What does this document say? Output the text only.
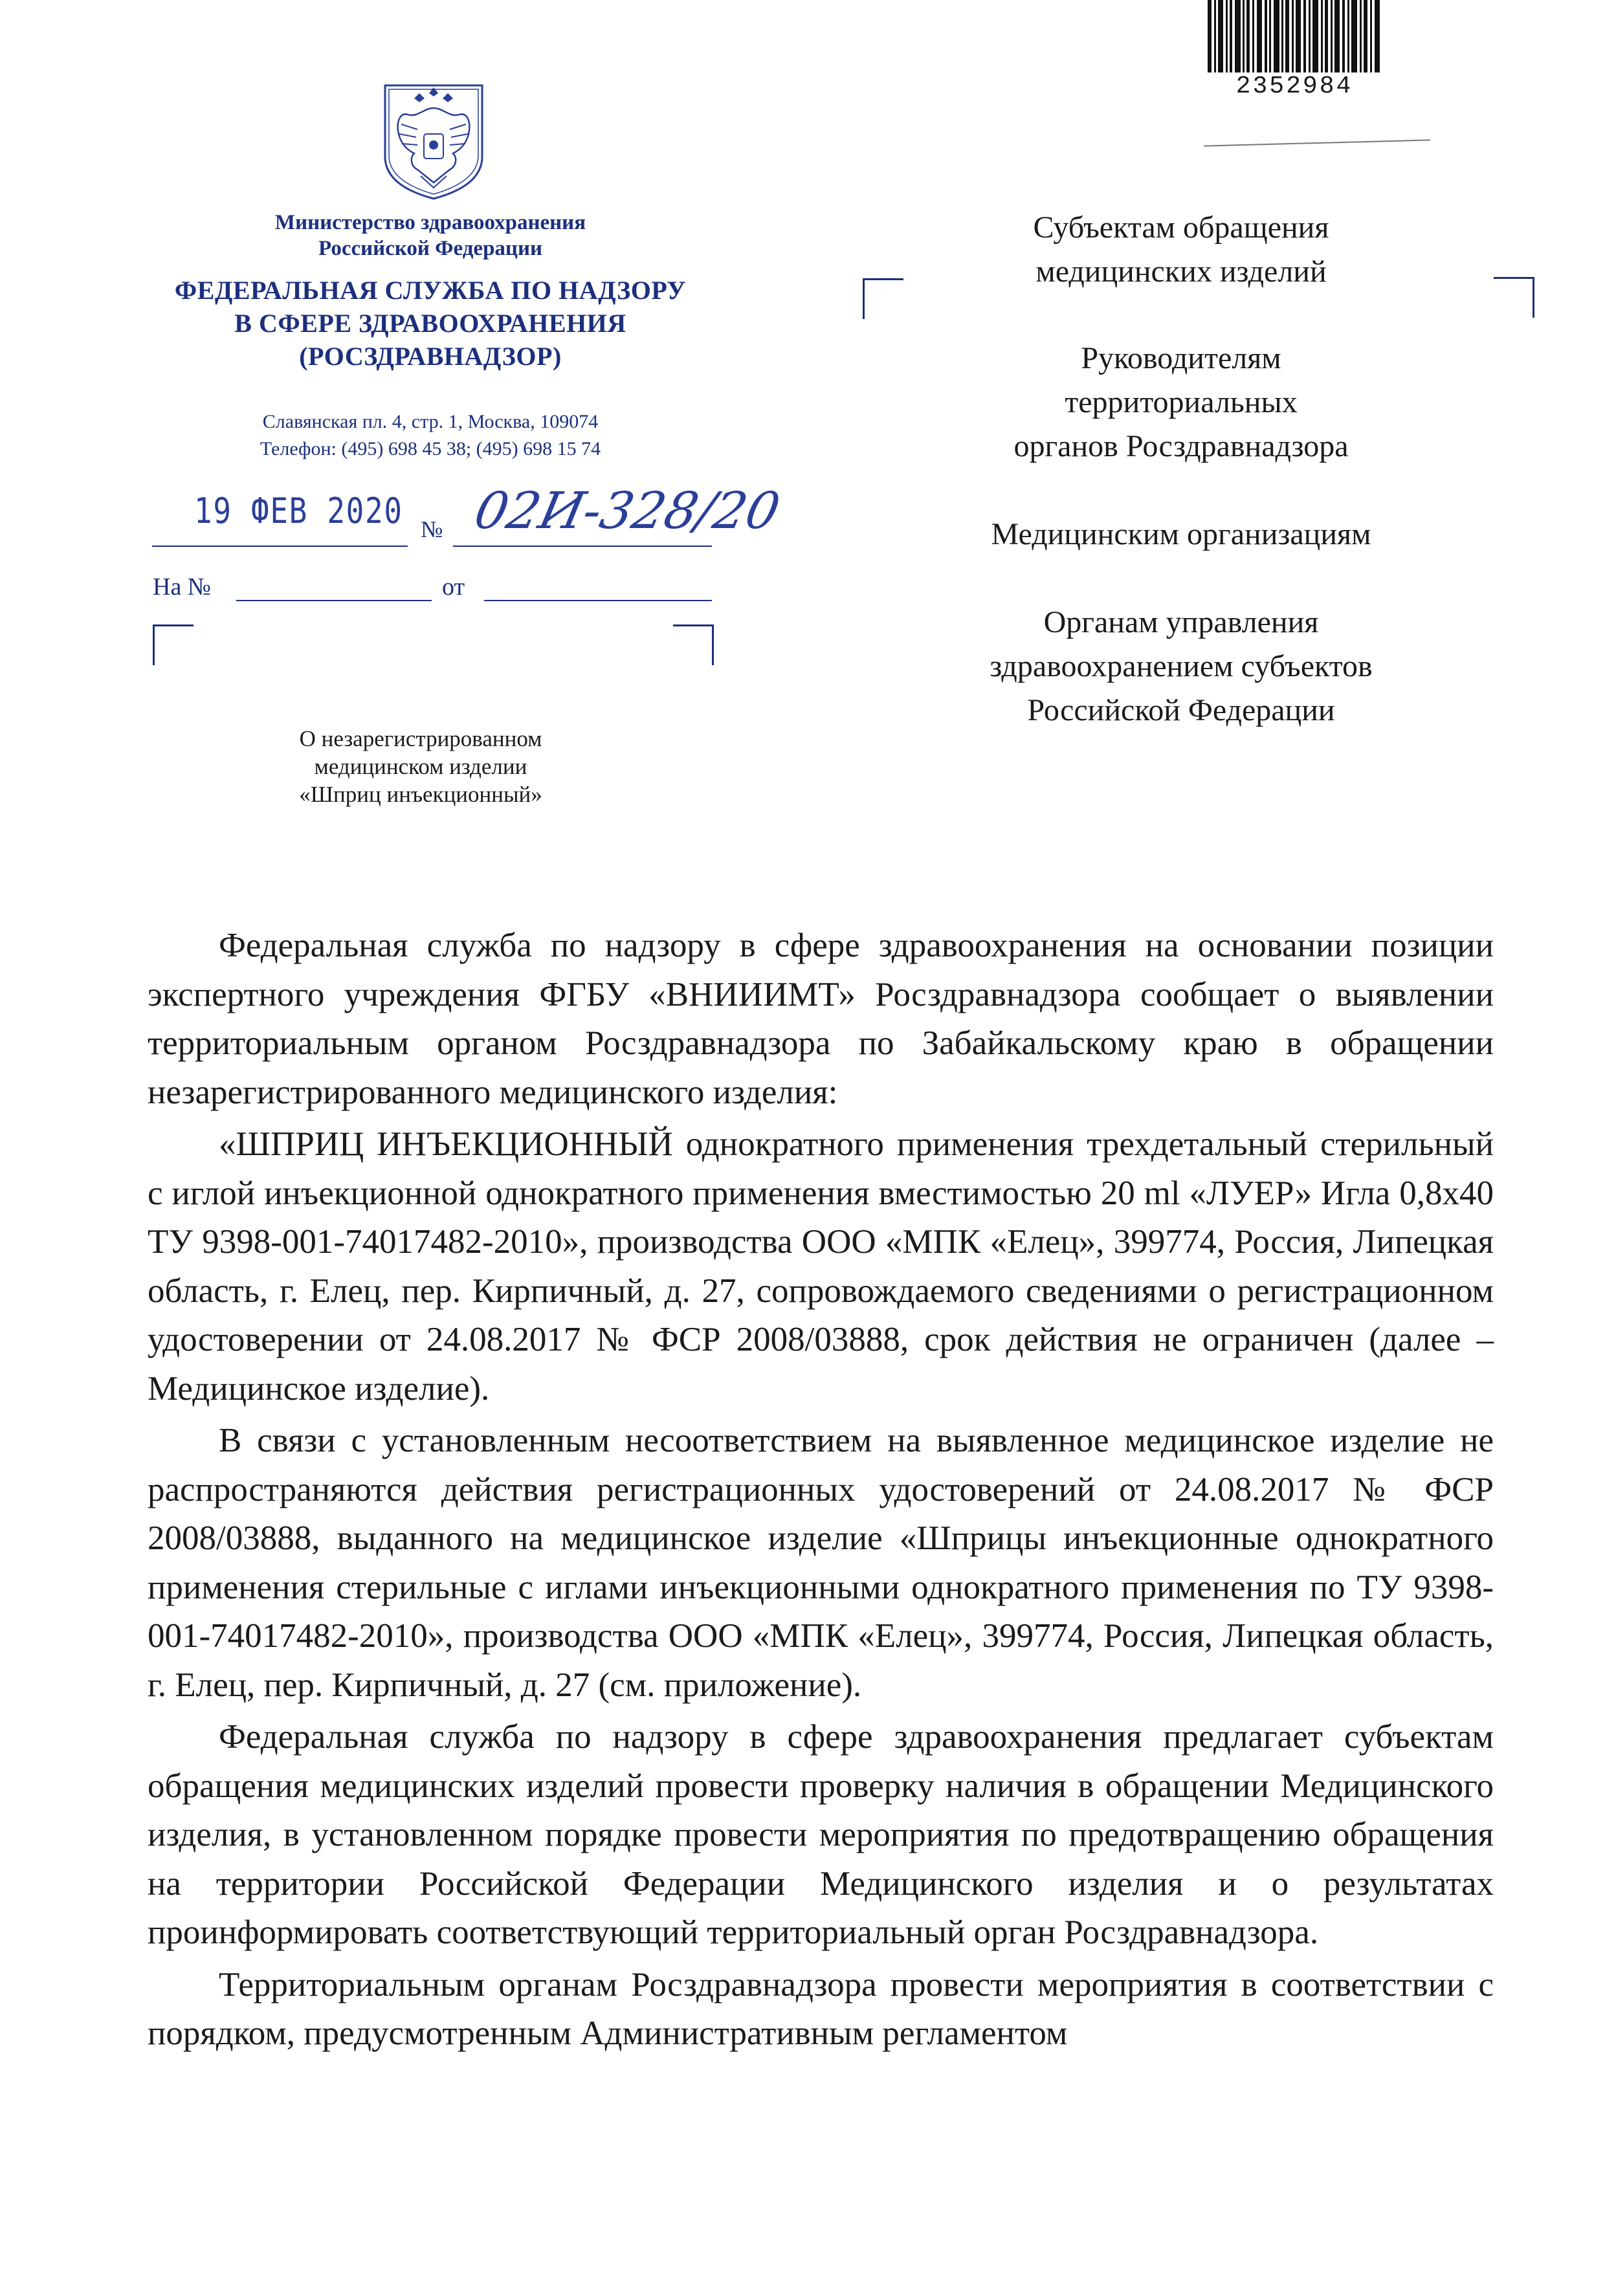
2352984
Министерство здравоохранения
Российской Федерации
ФЕДЕРАЛЬНАЯ СЛУЖБА ПО НАДЗОРУ
В СФЕРЕ ЗДРАВООХРАНЕНИЯ
(РОСЗДРАВНАДЗОР)
Славянская пл. 4, стр. 1, Москва, 109074
Телефон: (495) 698 45 38; (495) 698 15 74
19 ФЕВ 2020 № 02И-328/20
На №	от
О незарегистрированном
медицинском изделии
«Шприц инъекционный»
Субъектам обращения
медицинских изделий
Руководителям
территориальных
органов Росздравнадзора
Медицинским организациям
Органам управления
здравоохранением субъектов
Российской Федерации

Федеральная служба по надзору в сфере здравоохранения на основании позиции экспертного учреждения ФГБУ «ВНИИИМТ» Росздравнадзора сообщает о выявлении территориальным органом Росздравнадзора по Забайкальскому краю в обращении незарегистрированного медицинского изделия:

«ШПРИЦ ИНЪЕКЦИОННЫЙ однократного применения трехдетальный стерильный с иглой инъекционной однократного применения вместимостью 20 ml «ЛУЕР» Игла 0,8х40 ТУ 9398-001-74017482-2010», производства ООО «МПК «Елец», 399774, Россия, Липецкая область, г. Елец, пер. Кирпичный, д. 27, сопровождаемого сведениями о регистрационном удостоверении от 24.08.2017 № ФСР 2008/03888, срок действия не ограничен (далее – Медицинское изделие).

В связи с установленным несоответствием на выявленное медицинское изделие не распространяются действия регистрационных удостоверений от 24.08.2017 № ФСР 2008/03888, выданного на медицинское изделие «Шприцы инъекционные однократного применения стерильные с иглами инъекционными однократного применения по ТУ 9398-001-74017482-2010», производства ООО «МПК «Елец», 399774, Россия, Липецкая область, г. Елец, пер. Кирпичный, д. 27 (см. приложение).

Федеральная служба по надзору в сфере здравоохранения предлагает субъектам обращения медицинских изделий провести проверку наличия в обращении Медицинского изделия, в установленном порядке провести мероприятия по предотвращению обращения на территории Российской Федерации Медицинского изделия и о результатах проинформировать соответствующий территориальный орган Росздравнадзора.

Территориальным органам Росздравнадзора провести мероприятия в соответствии с порядком, предусмотренным Административным регламентом
